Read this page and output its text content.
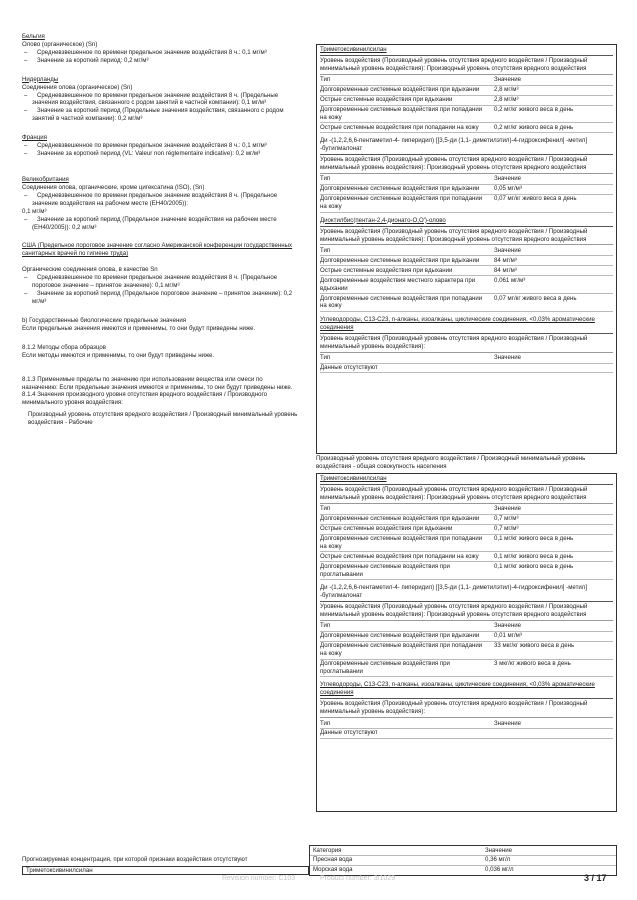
Бельгия

Олово (органическое) (Sn)

– Средневзвешенное по времени предельное значение воздействия 8 ч.: 0,1 мг/м³

– Значение за короткий период: 0,2 мг/м³

Нидерланды

Соединения олова (органическое) (Sn)

– Средневзвешенное по времени предельное значение воздействия 8 ч. (Предельные значения воздействия, связанного с родом занятий в частной компании): 0,1 мг/м³

– Значение за короткий период (Предельные значения воздействия, связанного с родом занятий в частной компании): 0,2 мг/м³

Франция

– Средневзвешенное по времени предельное значение воздействия 8 ч.: 0,1 мг/м³

– Значение за короткий период (VL: Valeur non réglementaire indicative): 0,2 мг/м³

Великобритания

Соединения олова, органические, кроме цигексатина (ISO), (Sn)

– Средневзвешенное по времени предельное значение воздействия 8 ч. (Предельное значение воздействия на рабочем месте (EH40/2005)):

0,1 мг/м³

– Значение за короткий период (Предельное значение воздействия на рабочем месте (EH40/2005)): 0,2 мг/м³

США (Предельное пороговое значение согласно Американской конференции государственных санитарных врачей по гигиене труда)

Органические соединения олова, в качестве Sn

– Средневзвешенное по времени предельное значение воздействия 8 ч. (Предельное пороговое значение – принятое значение): 0,1 мг/м³

– Значение за короткий период (Предельное пороговое значение – принятое значение): 0,2 мг/м³

b) Государственные биологические предельные значения

Если предельные значения имеются и применимы, то они будут приведены ниже.

8.1.2 Методы сбора образцов

Если методы имеются и применимы, то они будут приведены ниже.

8.1.3 Применимые пределы по значению при использовании вещества или смеси по назначению: Если предельные значения имеются и применимы, то они будут приведены ниже.

8.1.4 Значения производного уровня отсутствия вредного воздействия / Производного минимального уровня воздействия:

Производный уровень отсутствия вредного воздействия / Производный минимальный уровень воздействия - Рабочие

Триметоксивинилсилан

Уровень воздействия (Производный уровень отсутствия вредного воздействия / Производный минимальный уровень воздействия): Производный уровень отсутствия вредного воздействия

Тип	Значение
Долговременные системные воздействия при вдыхании	2,8 мг/м³
Острые системные воздействия при вдыхании	2,8 мг/м³
Долговременные системные воздействия при попадании на кожу
0,2 мг/кг живого веса в день
Острые системные воздействия при попадании на кожу	0,2 мг/кг живого веса в день

Ди -(1,2,2,6,6-пентаметил-4- пиперидил) [[3,5-ди (1,1- диметилэтил)-4-гидроксифенил] -метил] -бутилмалонат

Уровень воздействия (Производный уровень отсутствия вредного воздействия / Производный минимальный уровень воздействия): Производный уровень отсутствия вредного воздействия

Тип	Значение
Долговременные системные воздействия при вдыхании	0,05 мг/м³
Долговременные системные воздействия при попадании на кожу
0,07 мг/кг живого веса в день

Диоктилбис(пентан-2,4-дионато-О,О')-олово

Уровень воздействия (Производный уровень отсутствия вредного воздействия / Производный минимальный уровень воздействия): Производный уровень отсутствия вредного воздействия

Тип	Значение
Долговременные системные воздействия при вдыхании	84 мг/м³
Острые системные воздействия при вдыхании	84 мг/м³
Долговременные воздействия местного характера при вдыхании
0,061 мг/м³
Долговременные системные воздействия при попадании на кожу
0,07 мг/кг живого веса в день

Углеводороды, C13-C23, n-алканы, изоалканы, циклические соединения, <0,03% ароматические соединения

Уровень воздействия (Производный уровень отсутствия вредного воздействия / Производный минимальный уровень воздействия):

Тип	Значение
Данные отсутствуют

Производный уровень отсутствия вредного воздействия / Производный минимальный уровень воздействия - общая совокупность населения

Триметоксивинилсилан

Уровень воздействия (Производный уровень отсутствия вредного воздействия / Производный минимальный уровень воздействия): Производный уровень отсутствия вредного воздействия

Тип	Значение
Долговременные системные воздействия при вдыхании	0,7 мг/м³
Острые системные воздействия при вдыхании	0,7 мг/м³
Долговременные системные воздействия при попадании на кожу
0,1 мг/кг живого веса в день
Острые системные воздействия при попадании на кожу	0,1 мг/кг живого веса в день
Долговременные системные воздействия при проглатывании
0,1 мг/кг живого веса в день

Ди -(1,2,2,6,6-пентаметил-4- пиперидил) [[3,5-ди (1,1- диметилэтил)-4-гидроксифенил] -метил] -бутилмалонат

Уровень воздействия (Производный уровень отсутствия вредного воздействия / Производный минимальный уровень воздействия): Производный уровень отсутствия вредного воздействия

Тип	Значение
Долговременные системные воздействия при вдыхании	0,01 мг/м³
Долговременные системные воздействия при попадании на кожу
33 мкг/кг живого веса в день
Долговременные системные воздействия при проглатывании
3 мкг/кг живого веса в день

Углеводороды, C13-C23, n-алканы, изоалканы, циклические соединения, <0,03% ароматические соединения

Уровень воздействия (Производный уровень отсутствия вредного воздействия / Производный минимальный уровень воздействия):

Тип	Значение
Данные отсутствуют

Прогнозируемая концентрация, при которой признаки воздействия отсутствуют

Триметоксивинилсилан
Категория	Значение
Пресная вода	0,36 мг/л
Морская вода	0,036 мг/л
Revision number: C103	Product number: 3/1029	3 / 17
